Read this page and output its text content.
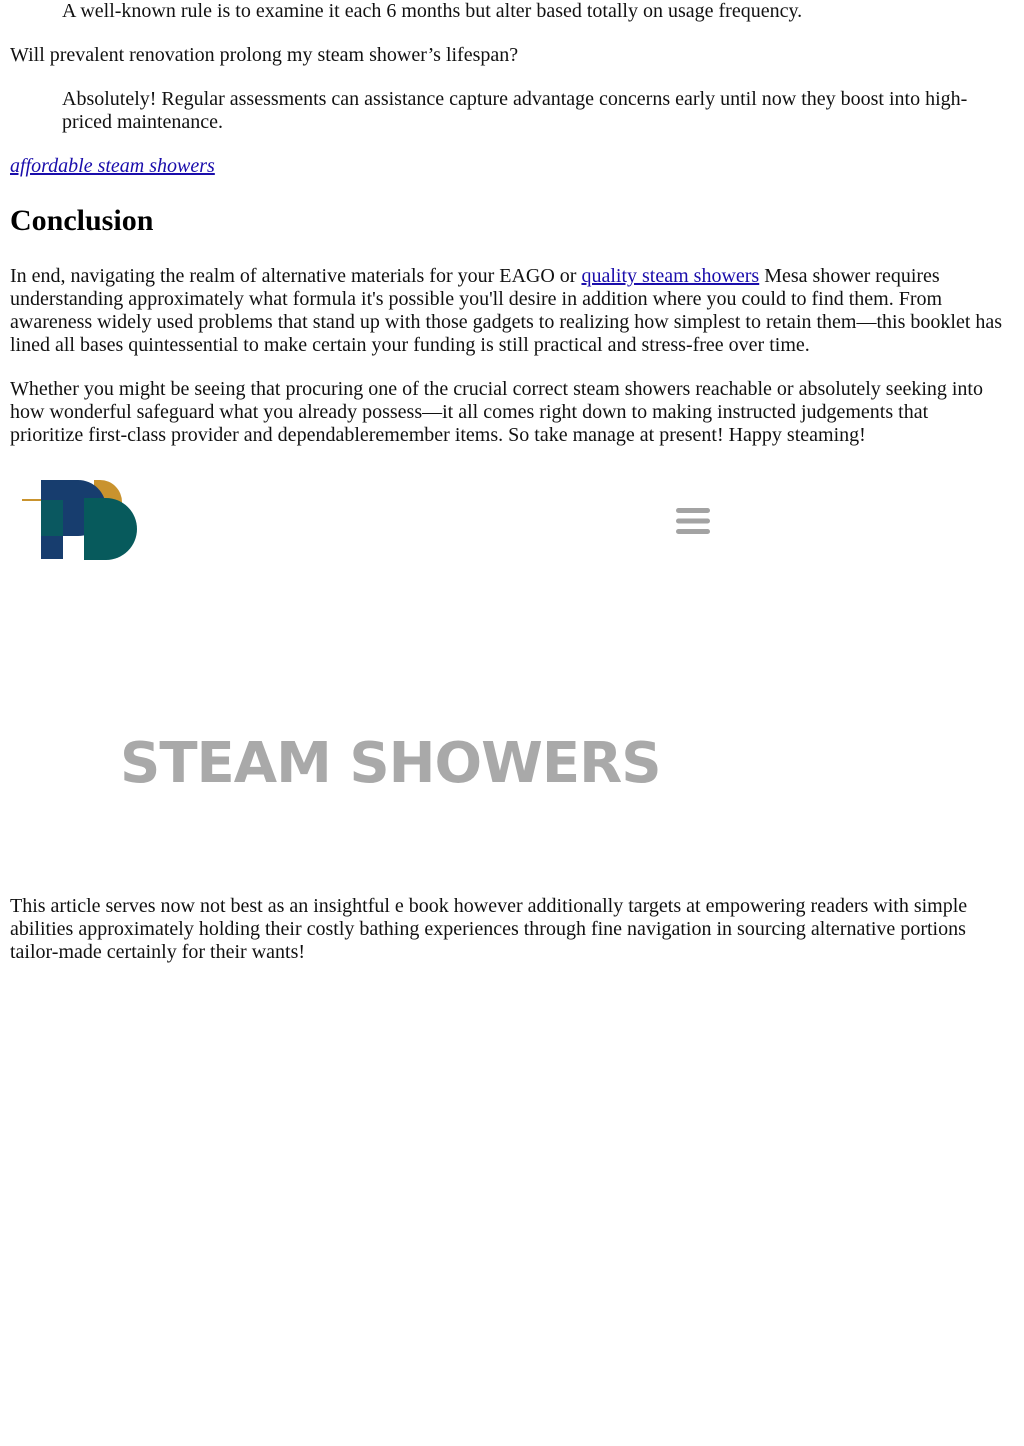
A well-known rule is to examine it each 6 months but alter based totally on usage frequency.

Will prevalent renovation prolong my steam shower’s lifespan?

Absolutely! Regular assessments can assistance capture advantage concerns early until now they boost into high-priced maintenance.

affordable steam showers

Conclusion

In end, navigating the realm of alternative materials for your EAGO or quality steam showers Mesa shower requires understanding approximately what formula it's possible you'll desire in addition where you could to find them. From awareness widely used problems that stand up with those gadgets to realizing how simplest to retain them—this booklet has lined all bases quintessential to make certain your funding is still practical and stress-free over time.

Whether you might be seeing that procuring one of the crucial correct steam showers reachable or absolutely seeking into how wonderful safeguard what you already possess—it all comes right down to making instructed judgements that prioritize first-class provider and dependableremember items. So take manage at present! Happy steaming!

STEAM SHOWERS

This article serves now not best as an insightful e book however additionally targets at empowering readers with simple abilities approximately holding their costly bathing experiences through fine navigation in sourcing alternative portions tailor-made certainly for their wants!
